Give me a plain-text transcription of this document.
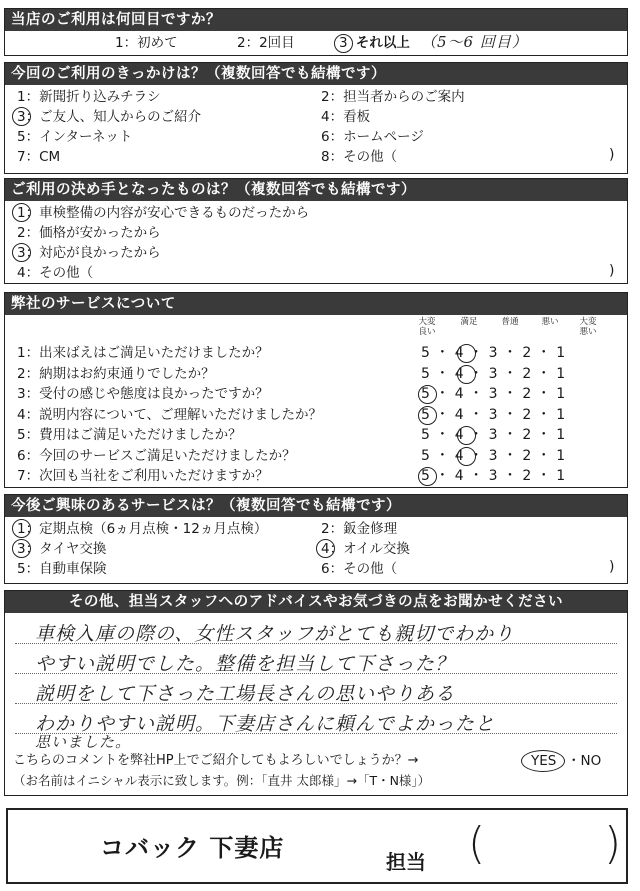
当店のご利用は何回目ですか？
1：初めて	2：2回目	3 それ以上 （5～6 回目）
今回のご利用のきっかけは？（複数回答でも結構です）
1：新聞折り込みチラシ	2：担当者からのご案内
3：ご友人、知人からのご紹介	4：看板
5：インターネット	6：ホームページ
7：CM	8：その他（	)
ご利用の決め手となったものは？（複数回答でも結構です）
1：車検整備の内容が安心できるものだったから
2：価格が安かったから
3：対応が良かったから
4：その他（	)
弊社のサービスについて
大変良い
満足	普通	悪い	大変悪い
1：出来ばえはご満足いただけましたか？	5 ・ 4 ・ 3 ・ 2 ・ 1
2：納期はお約束通りでしたか？	5 ・ 4 ・ 3 ・ 2 ・ 1
3：受付の感じや態度は良かったですか？	5 ・ 4 ・ 3 ・ 2 ・ 1
4：説明内容について、ご理解いただけましたか？	5 ・ 4 ・ 3 ・ 2 ・ 1
5：費用はご満足いただけましたか？	5 ・ 4 ・ 3 ・ 2 ・ 1
6：今回のサービスご満足いただけましたか？	5 ・ 4 ・ 3 ・ 2 ・ 1
7：次回も当社をご利用いただけますか？	5 ・ 4 ・ 3 ・ 2 ・ 1
今後ご興味のあるサービスは？（複数回答でも結構です）
1：定期点検（6ヵ月点検・12ヵ月点検）	2：鈑金修理
3：タイヤ交換	4：オイル交換
5：自動車保険	6：その他（	)
その他、担当スタッフへのアドバイスやお気づきの点をお聞かせください
車検入庫の際の、女性スタッフがとても親切でわかり
やすい説明でした。整備を担当して下さった？
説明をして下さった工場長さんの思いやりある
わかりやすい説明。下妻店さんに頼んでよかったと
思いました。
こちらのコメントを弊社HP上でご紹介してもよろしいでしょうか？→	YES ・NO
（お名前はイニシャル表示に致します。例：「直井 太郎様」→「T・N様」）
コバック 下妻店	担当 (	)
